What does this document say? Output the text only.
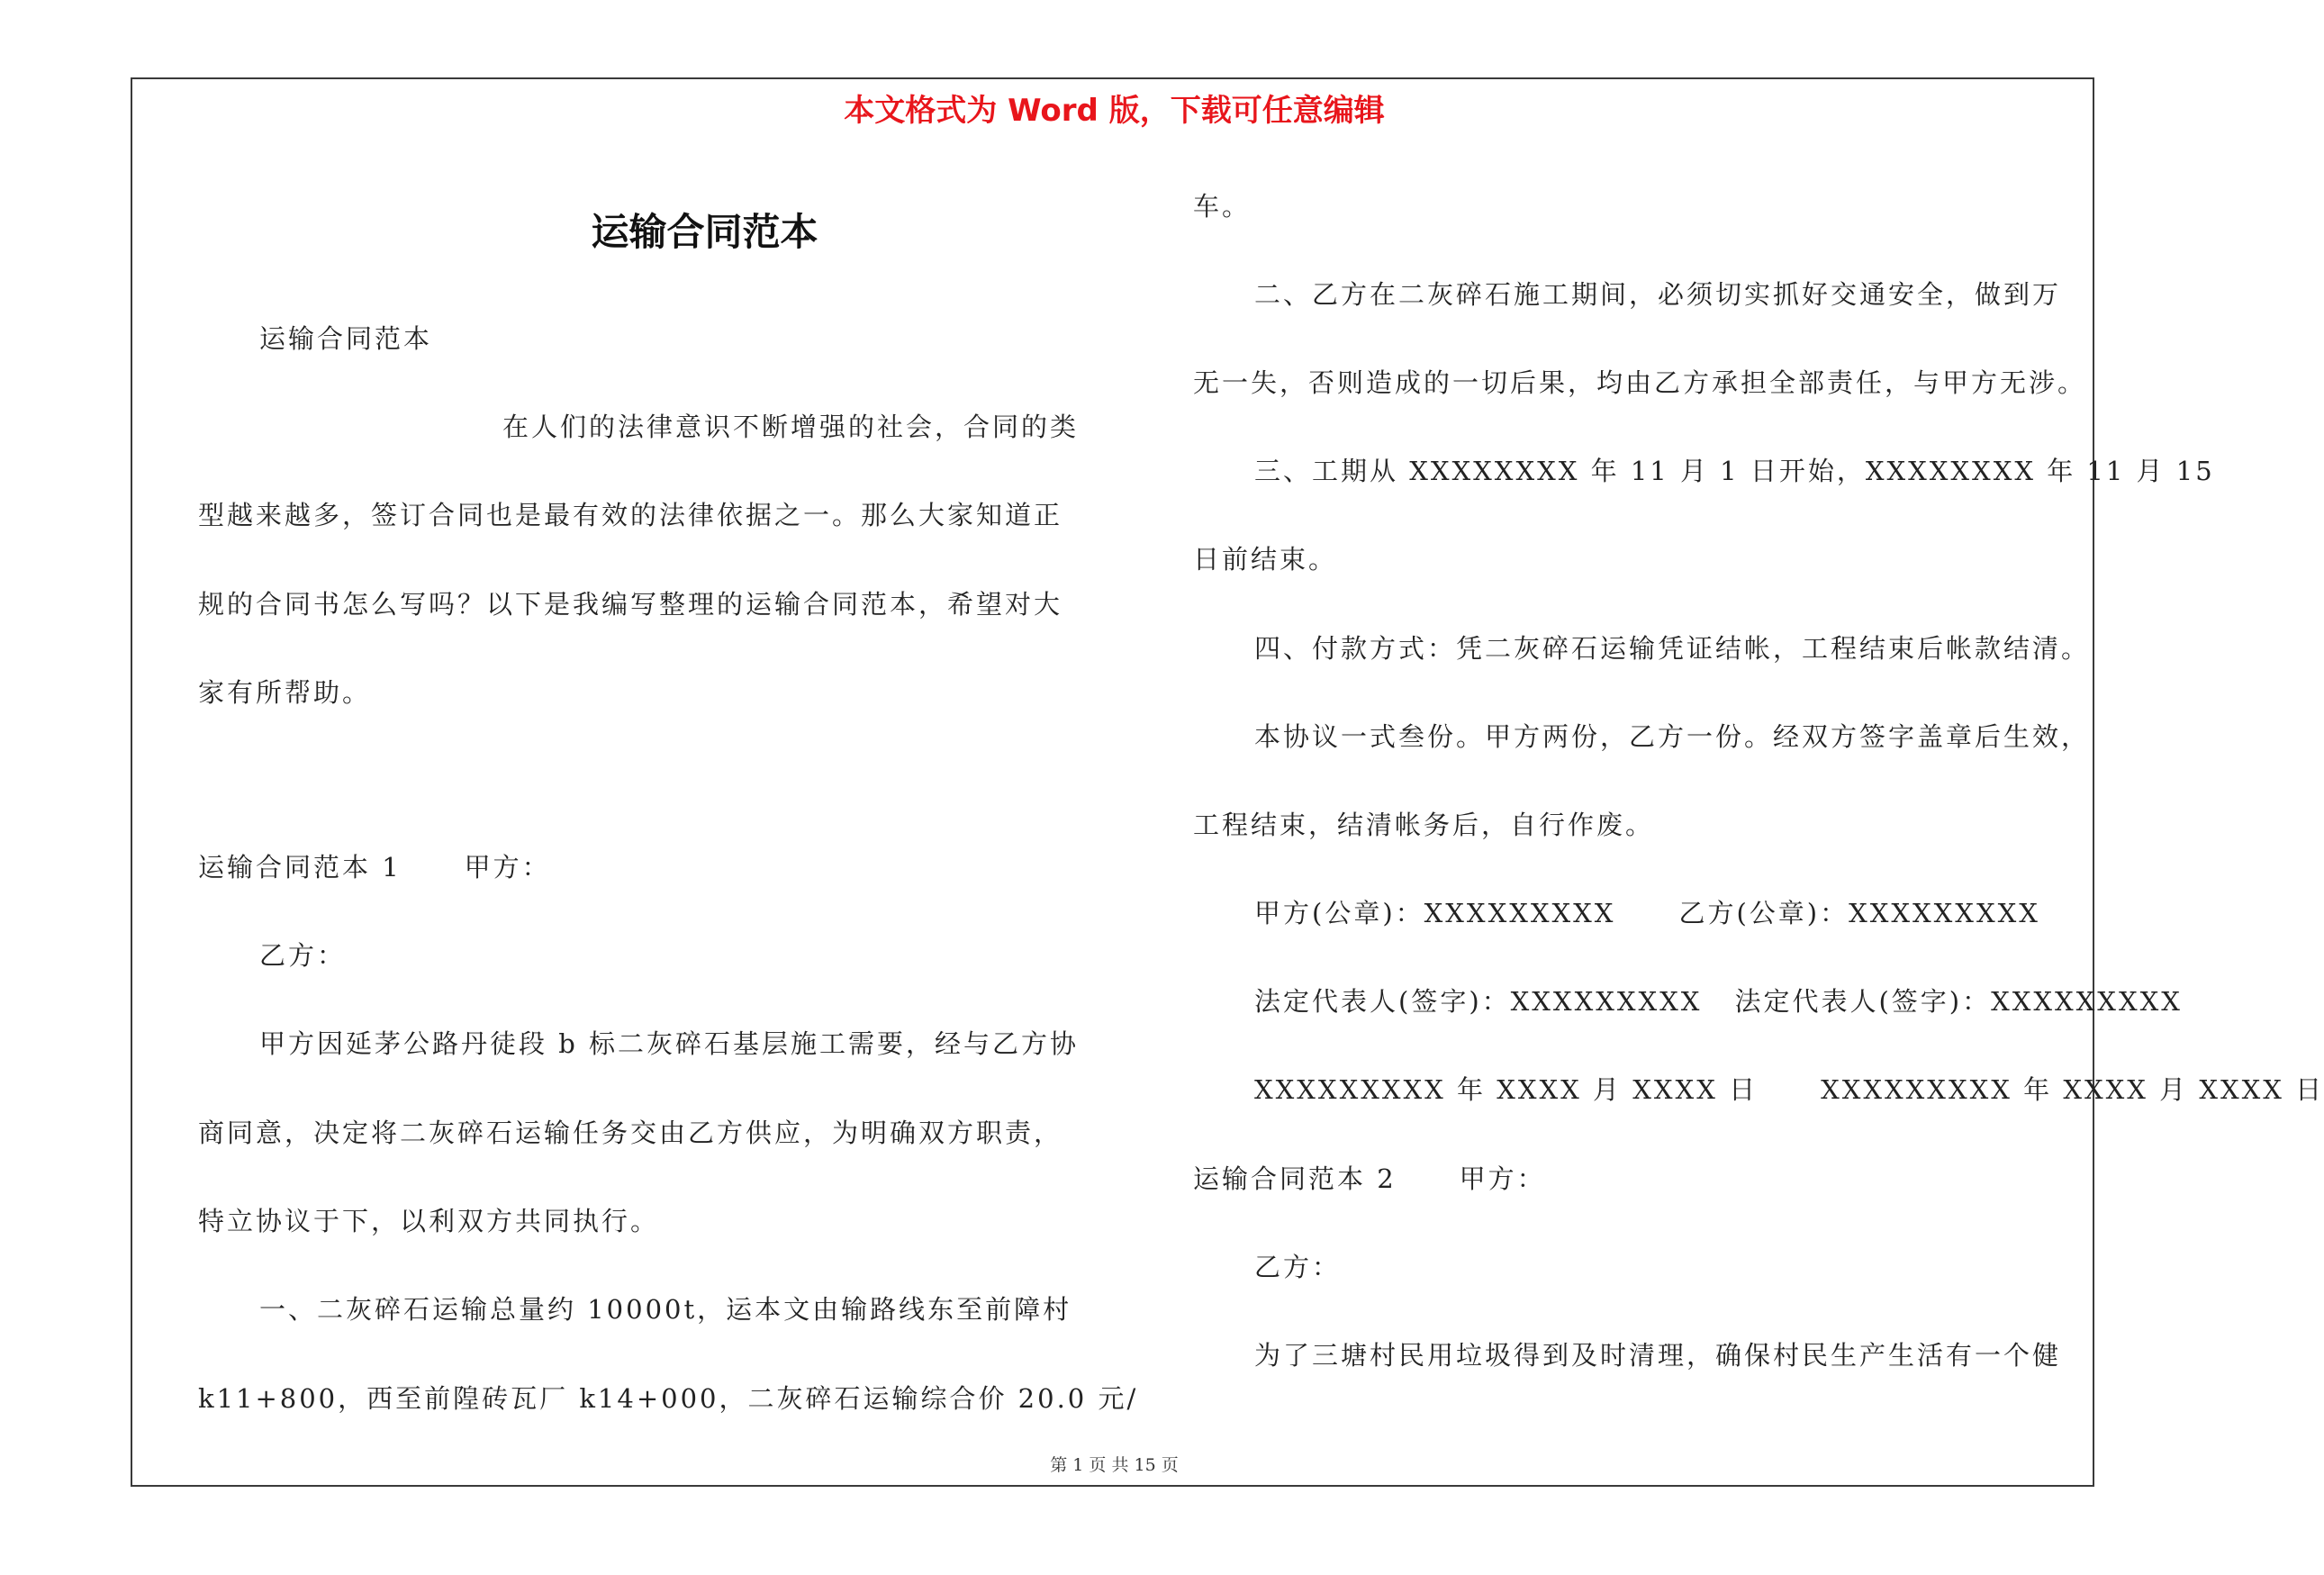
本文格式为 Word 版，下载可任意编辑
运输合同范本
运输合同范本
在人们的法律意识不断增强的社会，合同的类
型越来越多，签订合同也是最有效的法律依据之一。那么大家知道正
规的合同书怎么写吗？以下是我编写整理的运输合同范本，希望对大
家有所帮助。
运输合同范本 1 甲方：
乙方：
甲方因延茅公路丹徒段 b 标二灰碎石基层施工需要，经与乙方协
商同意，决定将二灰碎石运输任务交由乙方供应，为明确双方职责，
特立协议于下，以利双方共同执行。
一、二灰碎石运输总量约 10000t，运本文由输路线东至前障村
k11+800，西至前隍砖瓦厂 k14+000，二灰碎石运输综合价 20.0 元/
车。
二、乙方在二灰碎石施工期间，必须切实抓好交通安全，做到万
无一失，否则造成的一切后果，均由乙方承担全部责任，与甲方无涉。
三、工期从 XXXXXXXX 年 11 月 1 日开始，XXXXXXXX 年 11 月 15
日前结束。
四、付款方式：凭二灰碎石运输凭证结帐，工程结束后帐款结清。
本协议一式叁份。甲方两份，乙方一份。经双方签字盖章后生效，
工程结束，结清帐务后，自行作废。
甲方(公章)：XXXXXXXXX 乙方(公章)：XXXXXXXXX
法定代表人(签字)：XXXXXXXXX 法定代表人(签字)：XXXXXXXXX
XXXXXXXXX 年 XXXX 月 XXXX 日 XXXXXXXXX 年 XXXX 月 XXXX 日
运输合同范本 2 甲方：
乙方：
为了三塘村民用垃圾得到及时清理，确保村民生产生活有一个健
第 1 页 共 15 页
